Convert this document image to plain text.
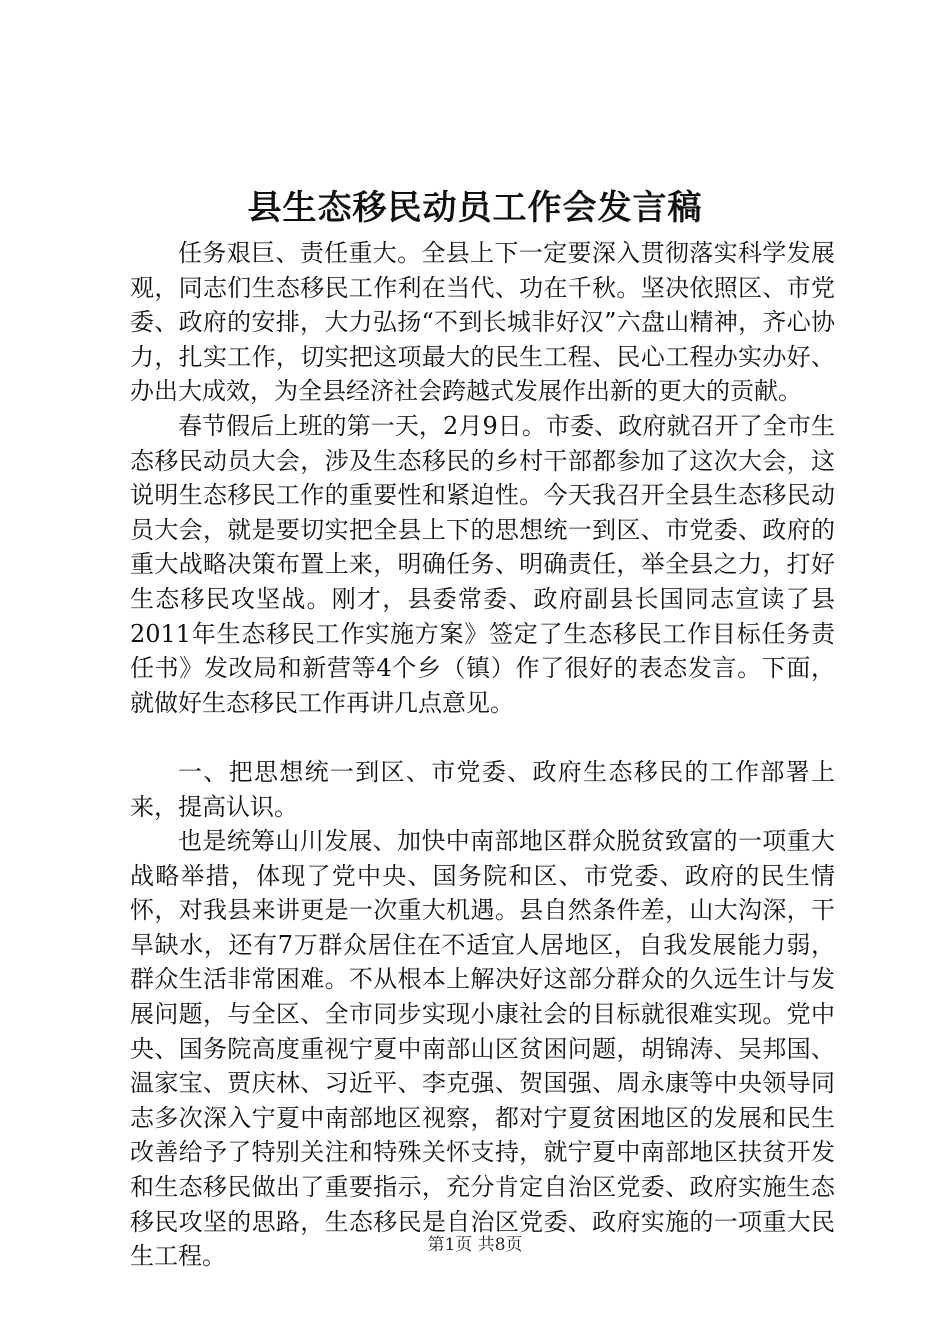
县生态移民动员工作会发言稿

任务艰巨、责任重大。全县上下一定要深入贯彻落实科学发展观，同志们生态移民工作利在当代、功在千秋。坚决依照区、市党委、政府的安排，大力弘扬“不到长城非好汉”六盘山精神，齐心协力，扎实工作，切实把这项最大的民生工程、民心工程办实办好、办出大成效，为全县经济社会跨越式发展作出新的更大的贡献。

春节假后上班的第一天，2月9日。市委、政府就召开了全市生态移民动员大会，涉及生态移民的乡村干部都参加了这次大会，这说明生态移民工作的重要性和紧迫性。今天我召开全县生态移民动员大会，就是要切实把全县上下的思想统一到区、市党委、政府的重大战略决策布置上来，明确任务、明确责任，举全县之力，打好生态移民攻坚战。刚才，县委常委、政府副县长国同志宣读了县2011年生态移民工作实施方案》签定了生态移民工作目标任务责任书》发改局和新营等4个乡（镇）作了很好的表态发言。下面，就做好生态移民工作再讲几点意见。

一、把思想统一到区、市党委、政府生态移民的工作部署上来，提高认识。

也是统筹山川发展、加快中南部地区群众脱贫致富的一项重大战略举措，体现了党中央、国务院和区、市党委、政府的民生情怀，对我县来讲更是一次重大机遇。县自然条件差，山大沟深，干旱缺水，还有7万群众居住在不适宜人居地区，自我发展能力弱，群众生活非常困难。不从根本上解决好这部分群众的久远生计与发展问题，与全区、全市同步实现小康社会的目标就很难实现。党中央、国务院高度重视宁夏中南部山区贫困问题，胡锦涛、吴邦国、温家宝、贾庆林、习近平、李克强、贺国强、周永康等中央领导同志多次深入宁夏中南部地区视察，都对宁夏贫困地区的发展和民生改善给予了特别关注和特殊关怀支持，就宁夏中南部地区扶贫开发和生态移民做出了重要指示，充分肯定自治区党委、政府实施生态移民攻坚的思路，生态移民是自治区党委、政府实施的一项重大民生工程。	第1页 共8页
